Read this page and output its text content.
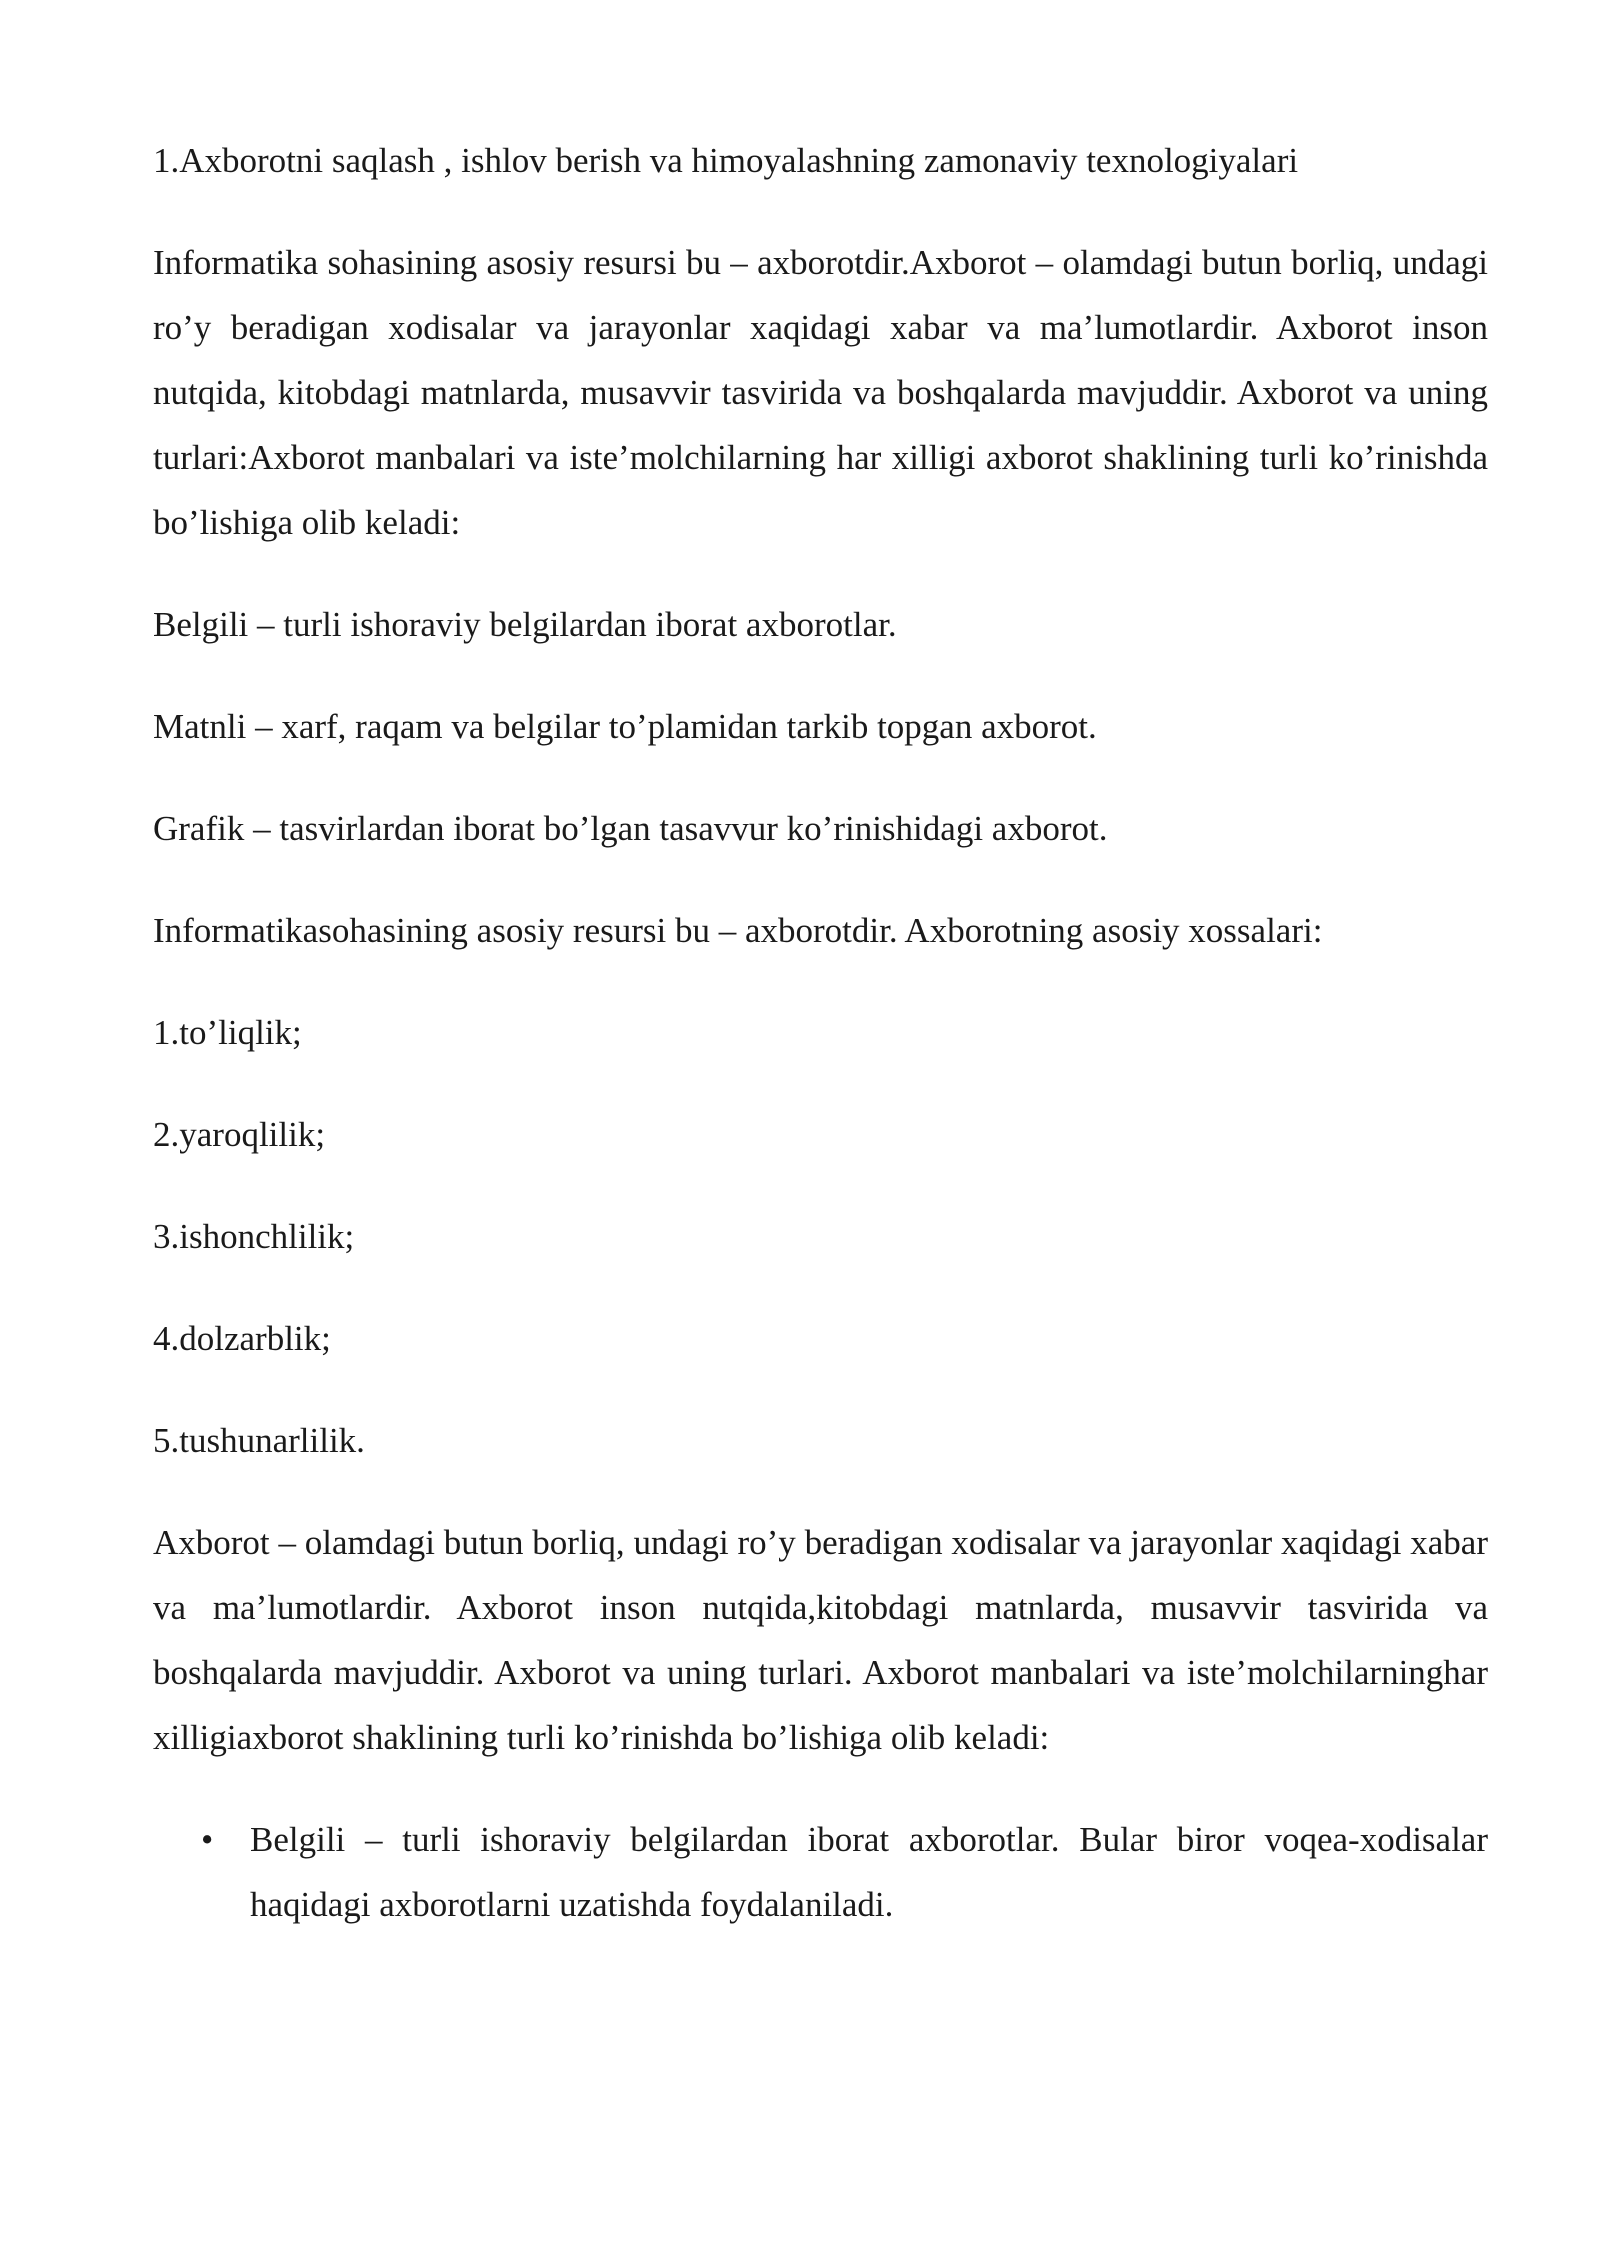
1.Axborotni saqlash , ishlov berish va himoyalashning zamonaviy texnologiyalari

Informatika sohasining asosiy resursi bu – axborotdir.Axborot – olamdagi butun borliq, undagi ro’y beradigan xodisalar va jarayonlar xaqidagi xabar va ma’lumotlardir. Axborot inson nutqida, kitobdagi matnlarda, musavvir tasvirida va boshqalarda mavjuddir. Axborot va uning turlari:Axborot manbalari va iste’molchilarning har xilligi axborot shaklining turli ko’rinishda bo’lishiga olib keladi:

Belgili – turli ishoraviy belgilardan iborat axborotlar.

Matnli – xarf, raqam va belgilar to’plamidan tarkib topgan axborot.

Grafik – tasvirlardan iborat bo’lgan tasavvur ko’rinishidagi axborot.

Informatikasohasining asosiy resursi bu – axborotdir. Axborotning asosiy xossalari:

1.to’liqlik;

2.yaroqlilik;

3.ishonchlilik;

4.dolzarblik;

5.tushunarlilik.

Axborot – olamdagi butun borliq, undagi ro’y beradigan xodisalar va jarayonlar xaqidagi xabar va ma’lumotlardir. Axborot inson nutqida,kitobdagi matnlarda, musavvir tasvirida va boshqalarda mavjuddir. Axborot va uning turlari. Axborot manbalari va iste’molchilarninghar xilligiaxborot shaklining turli ko’rinishda bo’lishiga olib keladi:

• Belgili – turli ishoraviy belgilardan iborat axborotlar. Bular biror voqea-xodisalar haqidagi axborotlarni uzatishda foydalaniladi.
